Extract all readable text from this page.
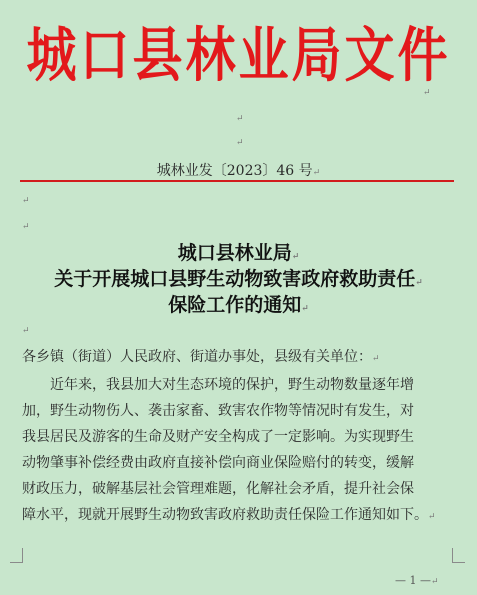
城口县林业局文件
↵
↵
↵
城林业发〔2023〕46 号↵
↵
↵
城口县林业局↵
关于开展城口县野生动物致害政府救助责任↵
保险工作的通知↵
↵
各乡镇（街道）人民政府、街道办事处，县级有关单位：↵
近年来，我县加大对生态环境的保护，野生动物数量逐年增
加，野生动物伤人、袭击家畜、致害农作物等情况时有发生，对
我县居民及游客的生命及财产安全构成了一定影响。为实现野生
动物肇事补偿经费由政府直接补偿向商业保险赔付的转变，缓解
财政压力，破解基层社会管理难题，化解社会矛盾，提升社会保
障水平，现就开展野生动物致害政府救助责任保险工作通知如下。↵
— 1 —↵
